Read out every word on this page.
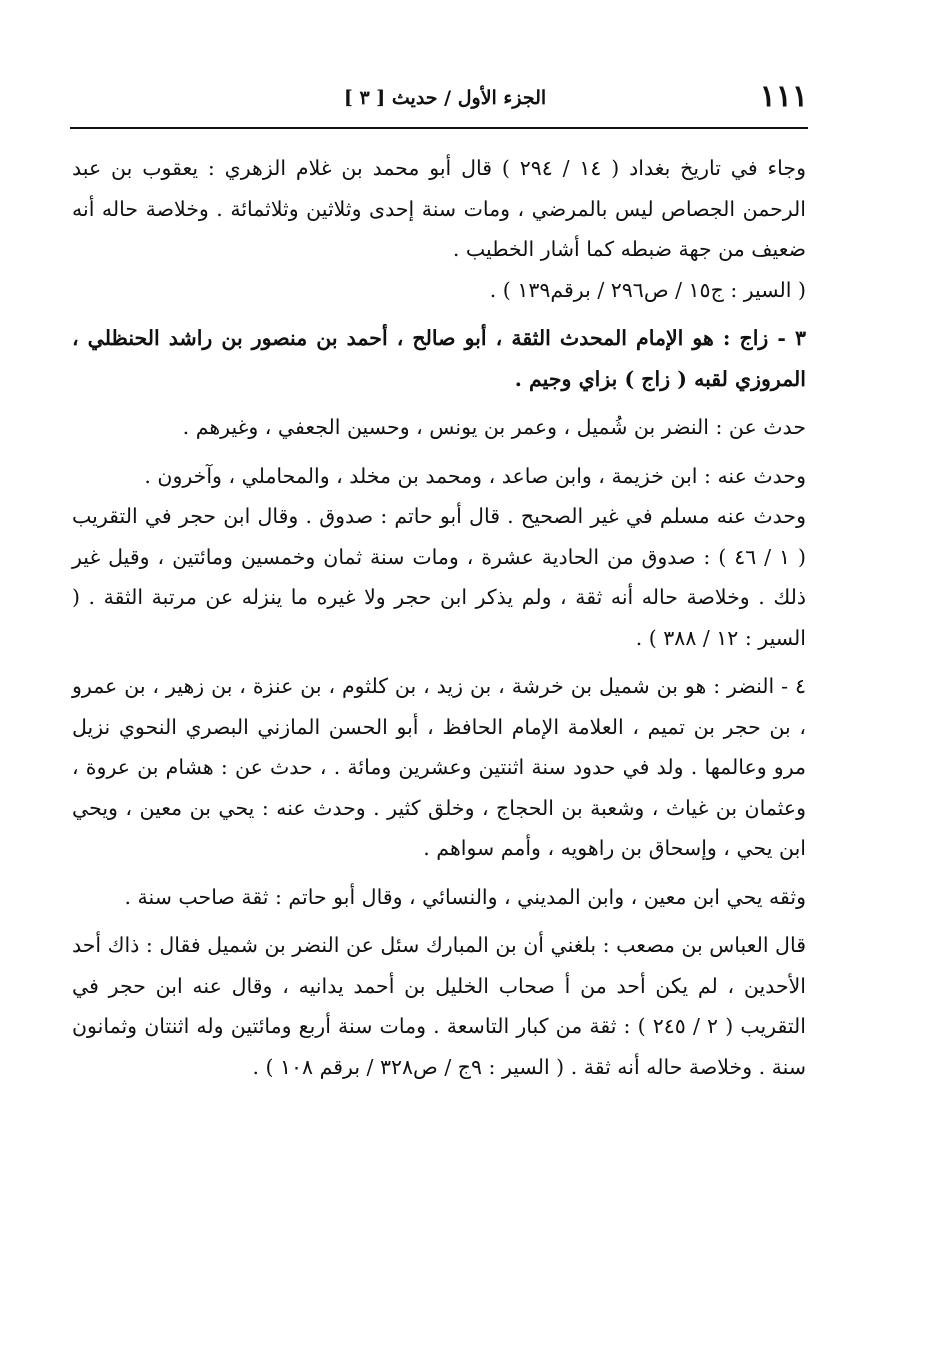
١١١
الجزء الأول / حديث [ ٣ ]

وجاء في تاريخ بغداد ( ١٤ / ٢٩٤ ) قال أبو محمد بن غلام الزهري : يعقوب بن عبد الرحمن الجصاص ليس بالمرضي ، ومات سنة إحدى وثلاثين وثلاثمائة . وخلاصة حاله أنه ضعيف من جهة ضبطه كما أشار الخطيب .

( السير : ج١٥ / ص٢٩٦ / برقم١٣٩ ) .

٣ - زاج : هو الإمام المحدث الثقة ، أبو صالح ، أحمد بن منصور بن راشد الحنظلي ، المروزي لقبه ( زاج ) بزاي وجيم .

حدث عن : النضر بن شُميل ، وعمر بن يونس ، وحسين الجعفي ، وغيرهم .

وحدث عنه : ابن خزيمة ، وابن صاعد ، ومحمد بن مخلد ، والمحاملي ، وآخرون .

وحدث عنه مسلم في غير الصحيح . قال أبو حاتم : صدوق . وقال ابن حجر في التقريب ( ١ / ٤٦ ) : صدوق من الحادية عشرة ، ومات سنة ثمان وخمسين ومائتين ، وقيل غير ذلك . وخلاصة حاله أنه ثقة ، ولم يذكر ابن حجر ولا غيره ما ينزله عن مرتبة الثقة . ( السير : ١٢ / ٣٨٨ ) .

٤ - النضر : هو بن شميل بن خرشة ، بن زيد ، بن كلثوم ، بن عنزة ، بن زهير ، بن عمرو ، بن حجر بن تميم ، العلامة الإمام الحافظ ، أبو الحسن المازني البصري النحوي نزيل مرو وعالمها . ولد في حدود سنة اثنتين وعشرين ومائة . ، حدث عن : هشام بن عروة ، وعثمان بن غياث ، وشعبة بن الحجاج ، وخلق كثير . وحدث عنه : يحي بن معين ، ويحي ابن يحي ، وإسحاق بن راهويه ، وأمم سواهم .

وثقه يحي ابن معين ، وابن المديني ، والنسائي ، وقال أبو حاتم : ثقة صاحب سنة .

قال العباس بن مصعب : بلغني أن بن المبارك سئل عن النضر بن شميل فقال : ذاك أحد الأحدين ، لم يكن أحد من أ صحاب الخليل بن أحمد يدانيه ، وقال عنه ابن حجر في التقريب ( ٢ / ٢٤٥ ) : ثقة من كبار التاسعة . ومات سنة أربع ومائتين وله اثنتان وثمانون سنة . وخلاصة حاله أنه ثقة . ( السير : ٩ج / ص٣٢٨ / برقم ١٠٨ ) .
